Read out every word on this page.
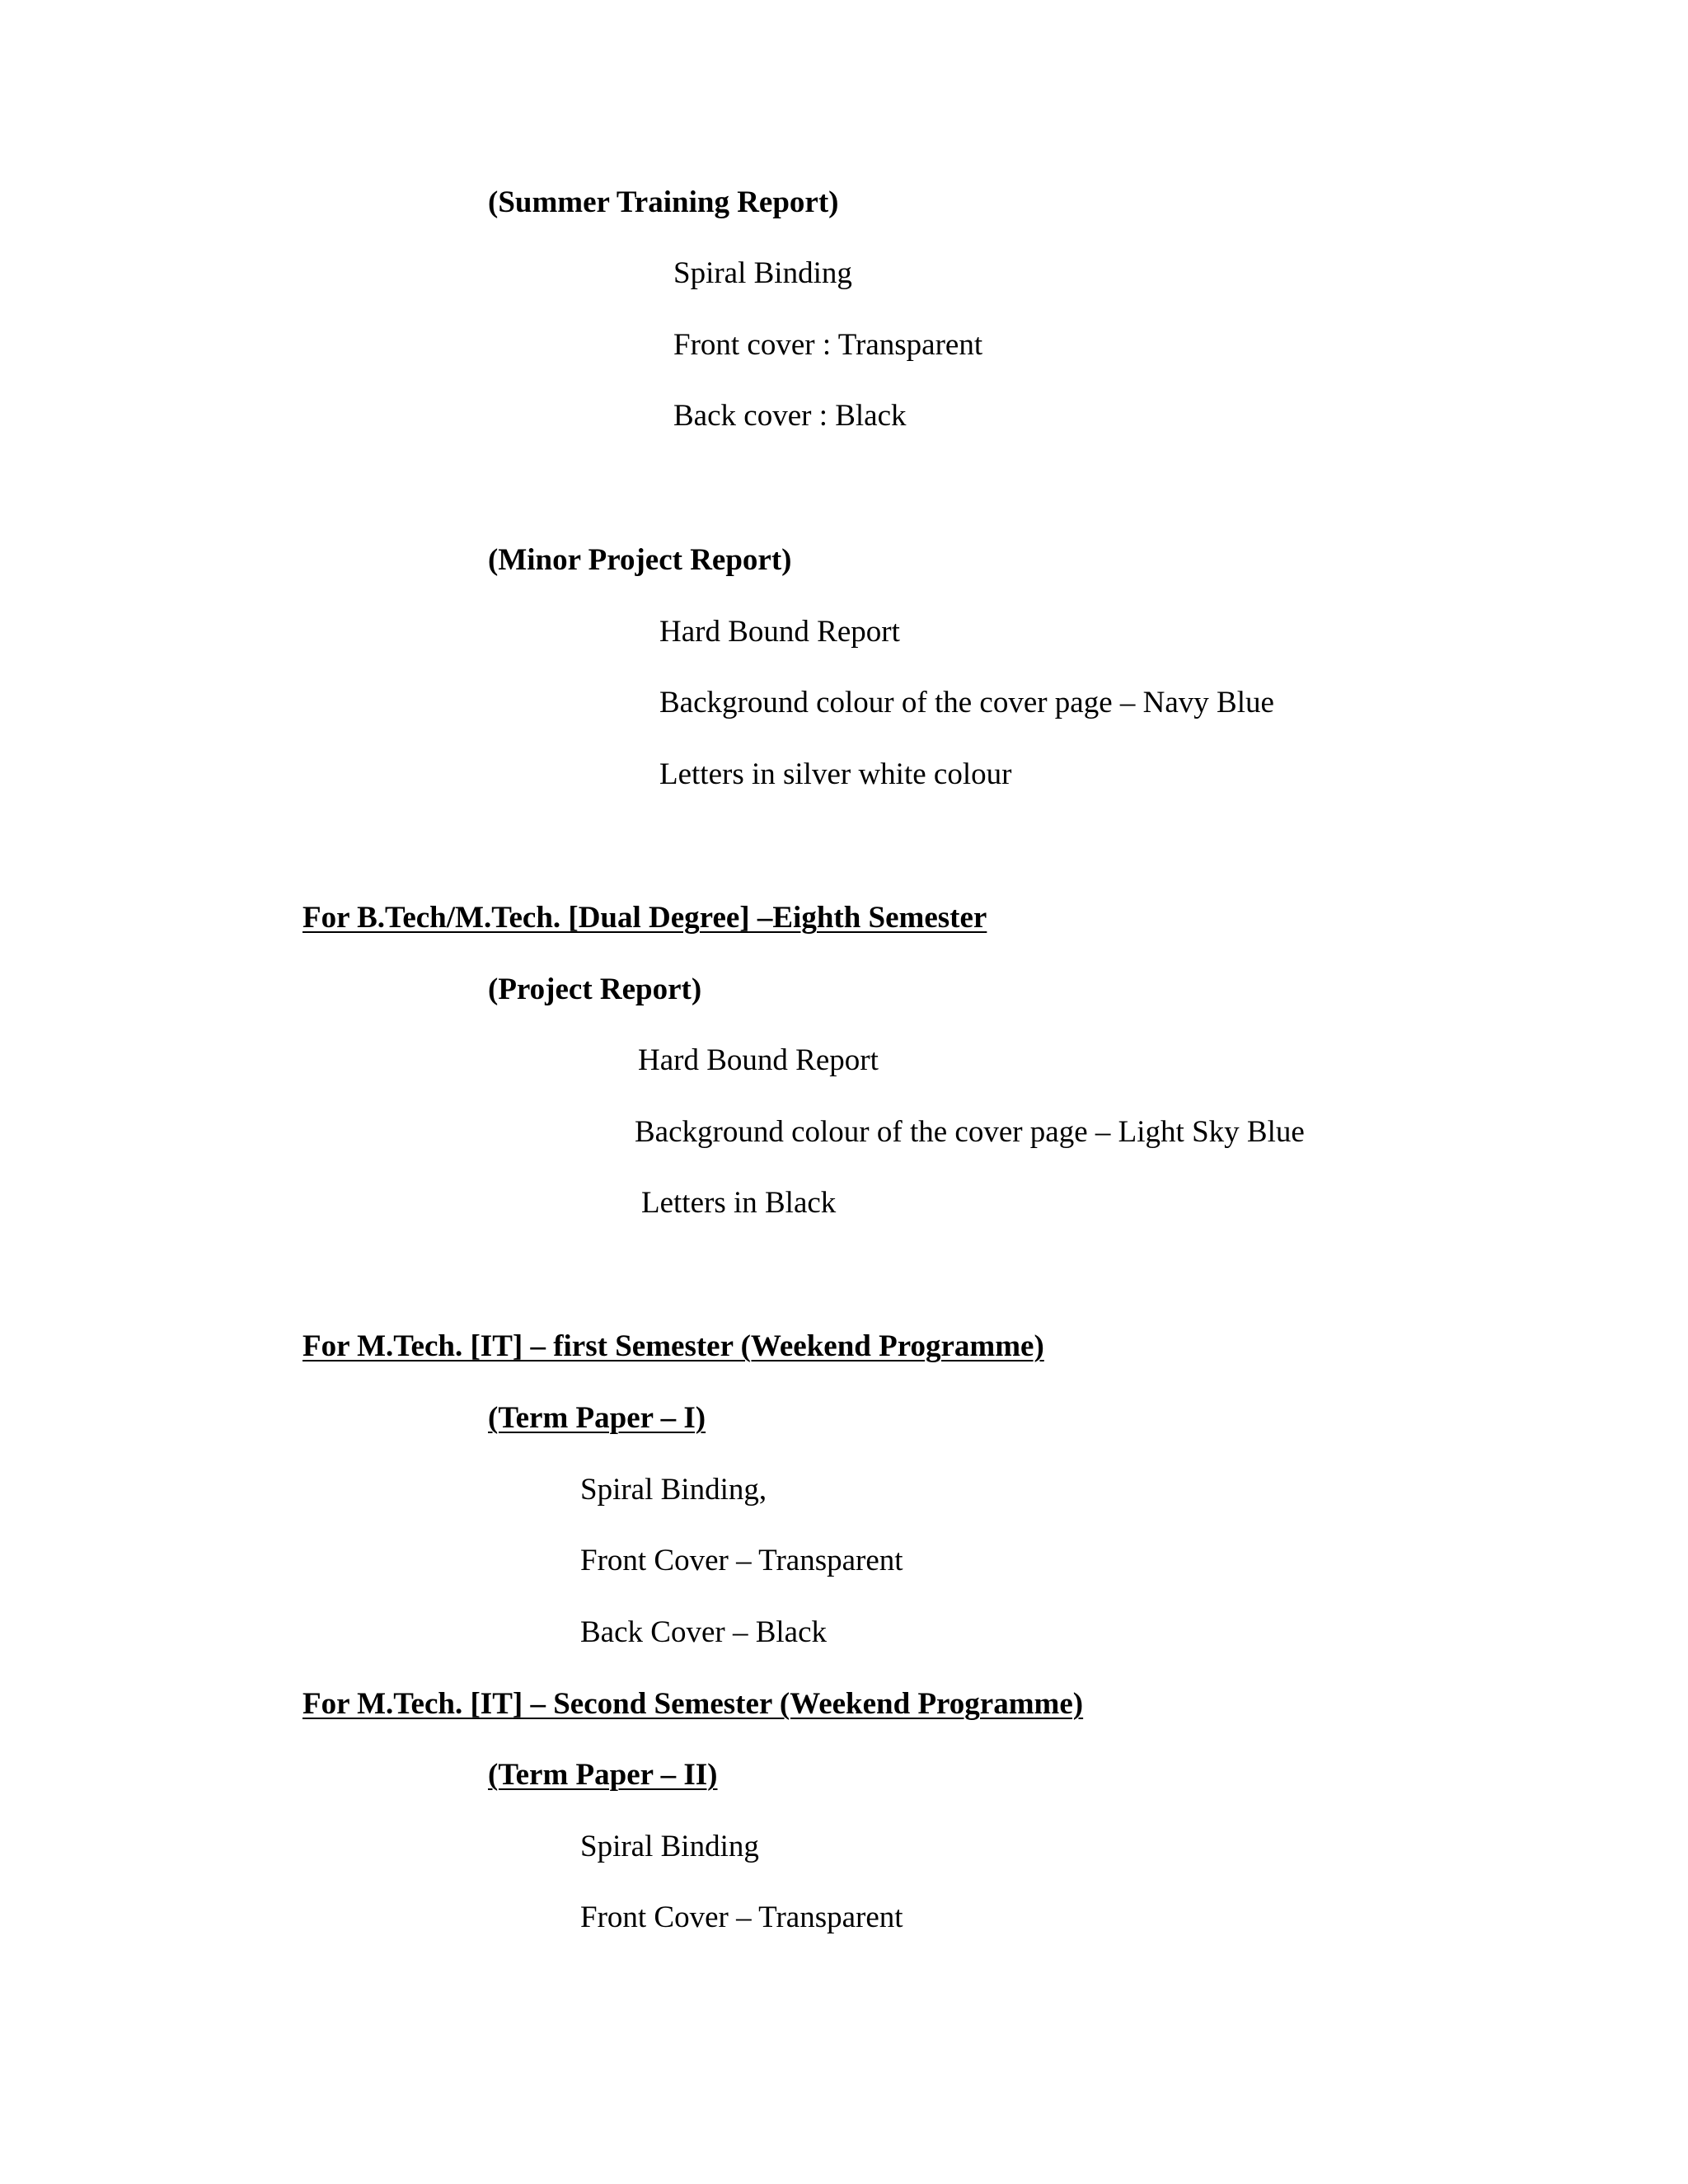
(Summer Training Report)
Spiral Binding
Front cover : Transparent
Back cover : Black
(Minor Project Report)
Hard Bound Report
Background colour of the cover page – Navy Blue
Letters in silver white colour
For B.Tech/M.Tech. [Dual Degree] –Eighth Semester
(Project Report)
Hard Bound Report
Background colour of the cover page – Light Sky Blue
Letters in Black
For M.Tech. [IT] – first Semester (Weekend Programme)
(Term Paper – I)
Spiral Binding,
Front Cover – Transparent
Back Cover – Black
For M.Tech. [IT] – Second Semester (Weekend Programme)
(Term Paper – II)
Spiral Binding
Front Cover – Transparent
